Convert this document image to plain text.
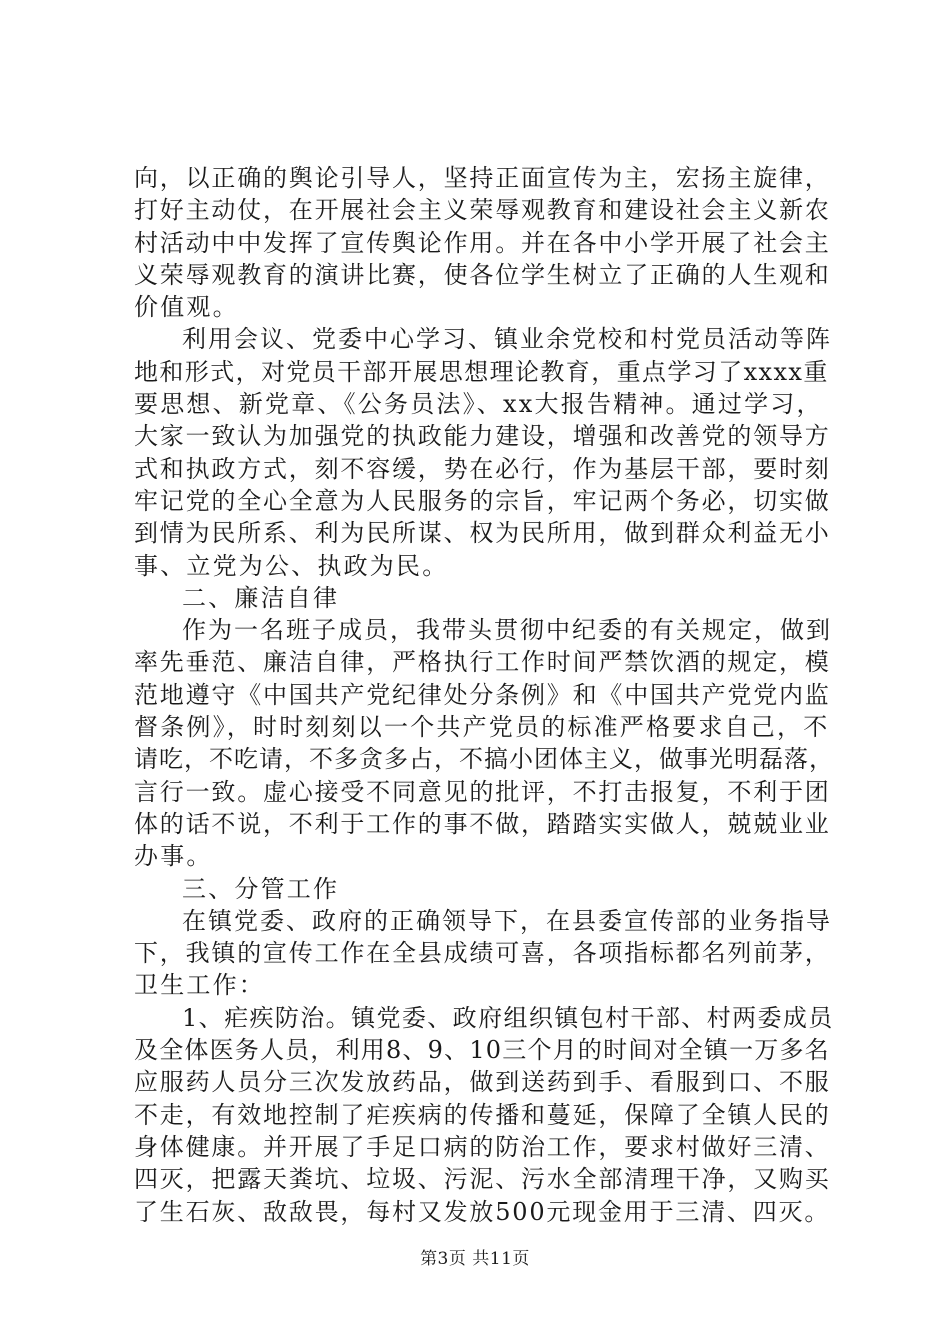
向，以正确的舆论引导人，坚持正面宣传为主，宏扬主旋律，
打好主动仗，在开展社会主义荣辱观教育和建设社会主义新农
村活动中中发挥了宣传舆论作用。并在各中小学开展了社会主
义荣辱观教育的演讲比赛，使各位学生树立了正确的人生观和
价值观。
利用会议、党委中心学习、镇业余党校和村党员活动等阵
地和形式，对党员干部开展思想理论教育，重点学习了xxxx重
要思想、新党章、《公务员法》、xx大报告精神。通过学习，
大家一致认为加强党的执政能力建设，增强和改善党的领导方
式和执政方式，刻不容缓，势在必行，作为基层干部，要时刻
牢记党的全心全意为人民服务的宗旨，牢记两个务必，切实做
到情为民所系、利为民所谋、权为民所用，做到群众利益无小
事、立党为公、执政为民。
二、廉洁自律
作为一名班子成员，我带头贯彻中纪委的有关规定，做到
率先垂范、廉洁自律，严格执行工作时间严禁饮酒的规定，模
范地遵守《中国共产党纪律处分条例》和《中国共产党党内监
督条例》，时时刻刻以一个共产党员的标准严格要求自己，不
请吃，不吃请，不多贪多占，不搞小团体主义，做事光明磊落，
言行一致。虚心接受不同意见的批评，不打击报复，不利于团
体的话不说，不利于工作的事不做，踏踏实实做人，兢兢业业
办事。
三、分管工作
在镇党委、政府的正确领导下，在县委宣传部的业务指导
下，我镇的宣传工作在全县成绩可喜，各项指标都名列前茅，
卫生工作：
1、疟疾防治。镇党委、政府组织镇包村干部、村两委成员
及全体医务人员，利用8、9、10三个月的时间对全镇一万多名
应服药人员分三次发放药品，做到送药到手、看服到口、不服
不走，有效地控制了疟疾病的传播和蔓延，保障了全镇人民的
身体健康。并开展了手足口病的防治工作，要求村做好三清、
四灭，把露天粪坑、垃圾、污泥、污水全部清理干净，又购买
了生石灰、敌敌畏，每村又发放500元现金用于三清、四灭。
第3页 共11页
